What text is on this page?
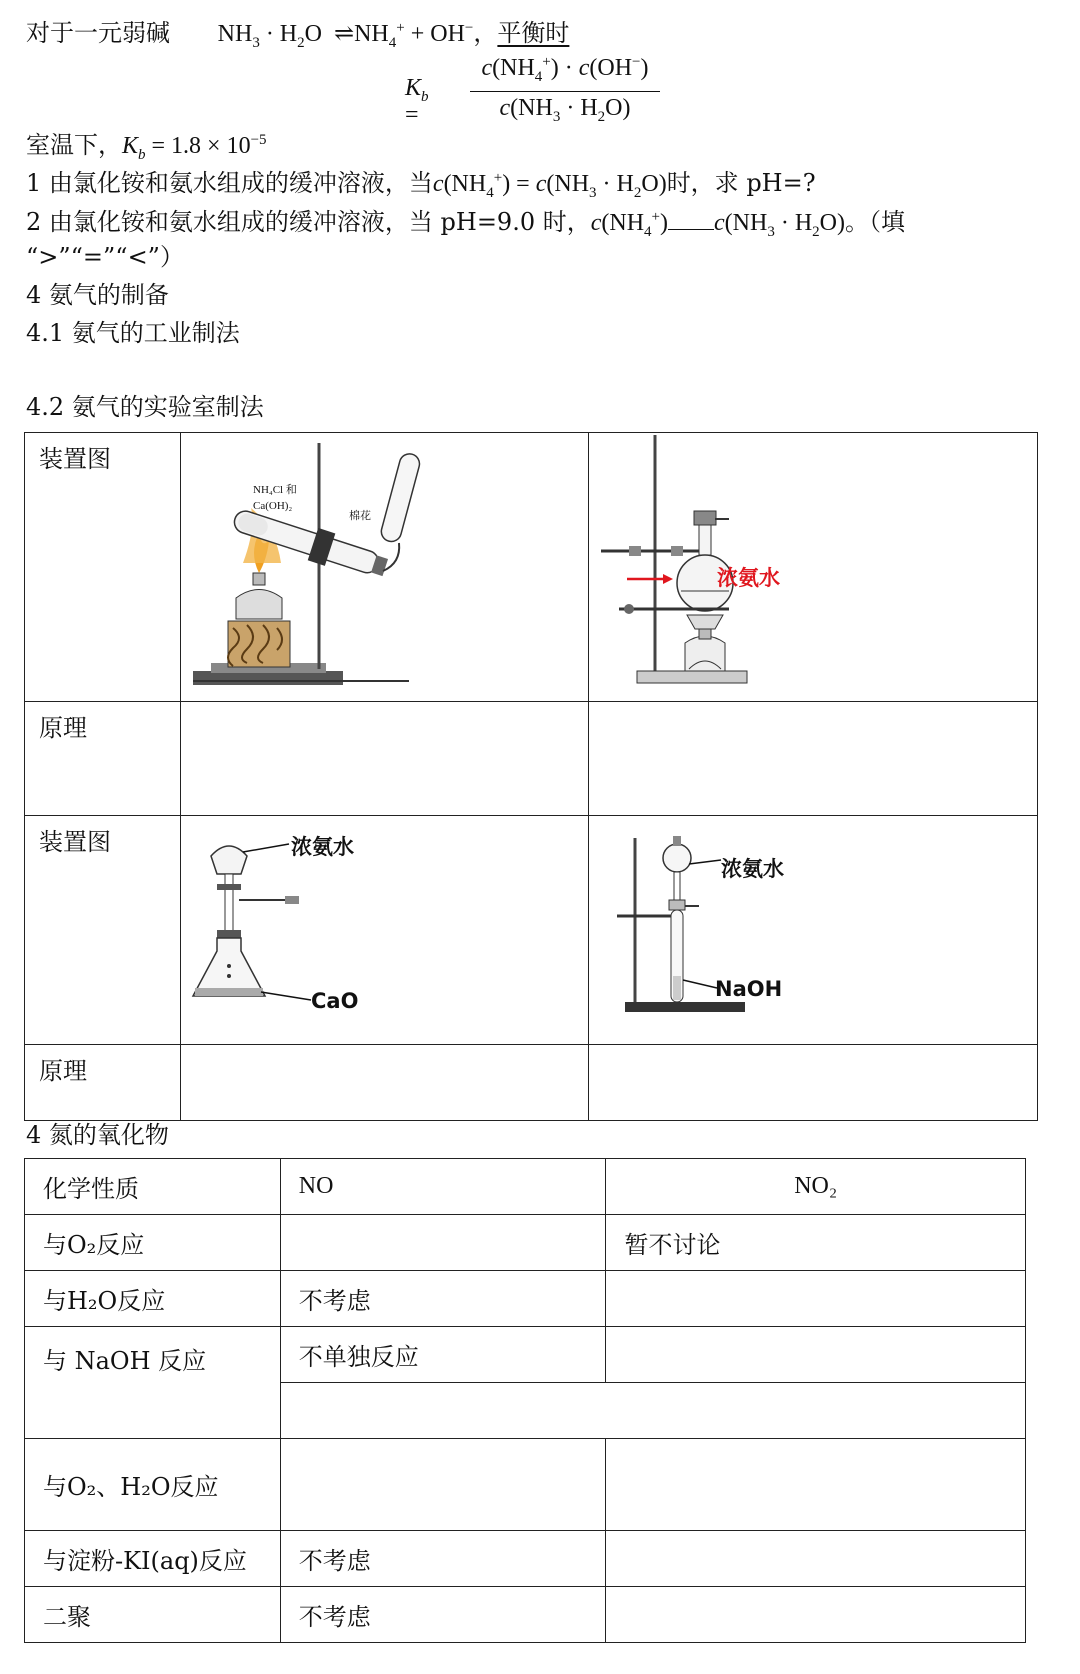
对于一元弱碱 $NH_3 \cdot H_2O$  $\rightleftharpoons NH_4^+ + OH^-$，平衡时
$K_b$ =
$c(NH_4^+) \cdot c(OH^-)$
$c(NH_3 \cdot H_2O)$
室温下，$K_b = 1.8 \times 10^{-5}$
1 由氯化铵和氨水组成的缓冲溶液，当$c(NH_4^+) = c(NH_3 \cdot H_2O)$时，求 pH=?
2 由氯化铵和氨水组成的缓冲溶液，当 pH=9.0 时，$c(NH_4^+) c(NH_3 \cdot H_2O)$。（填
“>”“=”“<”）
4 氨气的制备
4.1 氨气的工业制法
4.2 氨气的实验室制法
装置图	NH₄Cl 和
Ca(OH)₂
棉花	浓氨水

原理		
装置图	浓氨水
CaO	浓氨水
NaOH

原理		
4 氮的氧化物
化学性质	NO	NO₂
与O₂反应		暂不讨论
与H₂O反应	不考虑	
与 NaOH 反应	不单独反应	

与O₂、H₂O反应		
与淀粉-KI(aq)反应	不考虑	
二聚	不考虑	
